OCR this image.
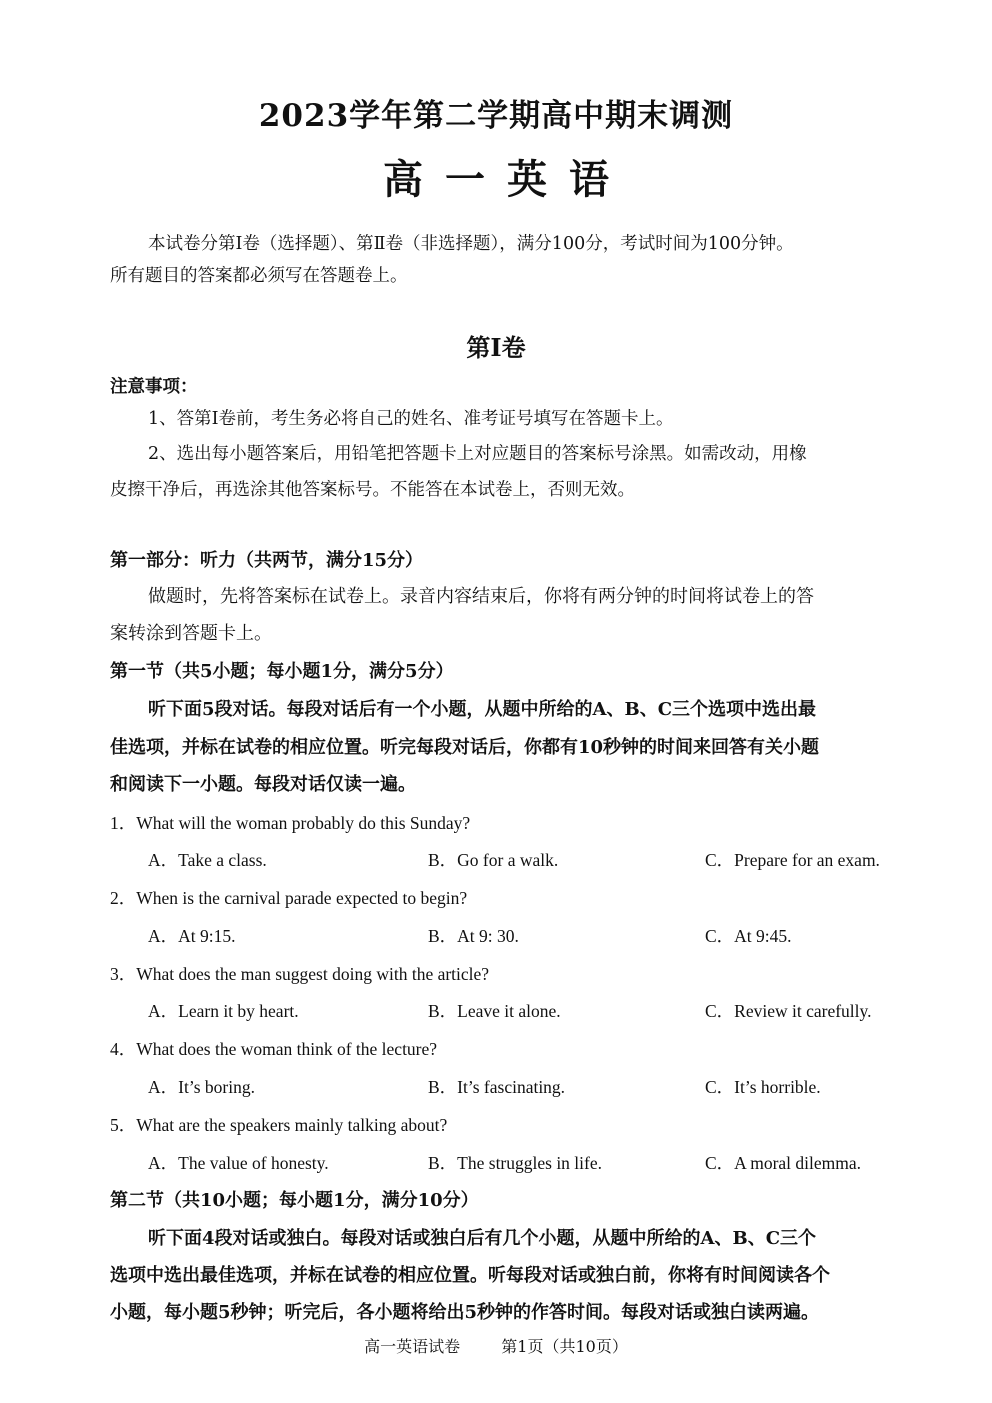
2023学年第二学期高中期末调测
高一英语
本试卷分第Ⅰ卷（选择题）、第Ⅱ卷（非选择题），满分100分，考试时间为100分钟。
所有题目的答案都必须写在答题卷上。
第Ⅰ卷
注意事项：
1、答第Ⅰ卷前，考生务必将自己的姓名、准考证号填写在答题卡上。
2、选出每小题答案后，用铅笔把答题卡上对应题目的答案标号涂黑。如需改动，用橡
皮擦干净后，再选涂其他答案标号。不能答在本试卷上，否则无效。
第一部分：听力（共两节，满分15分）
做题时，先将答案标在试卷上。录音内容结束后，你将有两分钟的时间将试卷上的答
案转涂到答题卡上。
第一节（共5小题；每小题1分，满分5分）
听下面5段对话。每段对话后有一个小题，从题中所给的A、B、C三个选项中选出最
佳选项，并标在试卷的相应位置。听完每段对话后，你都有10秒钟的时间来回答有关小题
和阅读下一小题。每段对话仅读一遍。
1．What will the woman probably do this Sunday?
A．Take a class.	B．Go for a walk.	C．Prepare for an exam.
2．When is the carnival parade expected to begin?
A．At 9:15.	B．At 9: 30.	C．At 9:45.
3．What does the man suggest doing with the article?
A．Learn it by heart.	B．Leave it alone.	C．Review it carefully.
4．What does the woman think of the lecture?
A．It’s boring.	B．It’s fascinating.	C．It’s horrible.
5．What are the speakers mainly talking about?
A．The value of honesty.	B．The struggles in life.	C．A moral dilemma.
第二节（共10小题；每小题1分，满分10分）
听下面4段对话或独白。每段对话或独白后有几个小题，从题中所给的A、B、C三个
选项中选出最佳选项，并标在试卷的相应位置。听每段对话或独白前，你将有时间阅读各个
小题，每小题5秒钟；听完后，各小题将给出5秒钟的作答时间。每段对话或独白读两遍。
高一英语试卷	第1页（共10页）
